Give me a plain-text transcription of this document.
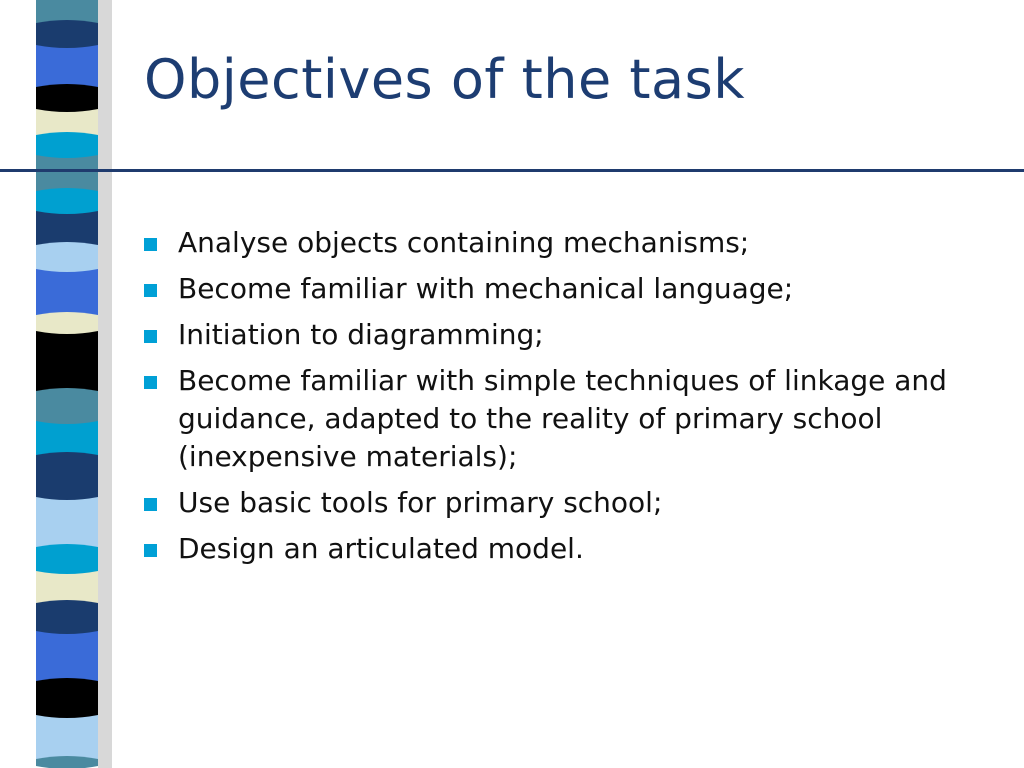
Objectives of the task
Analyse objects containing mechanisms;
Become familiar with mechanical language;
Initiation to diagramming;
Become familiar with simple techniques of linkage and guidance, adapted to the reality of primary school (inexpensive materials);
Use basic tools for primary school;
Design an articulated model.
